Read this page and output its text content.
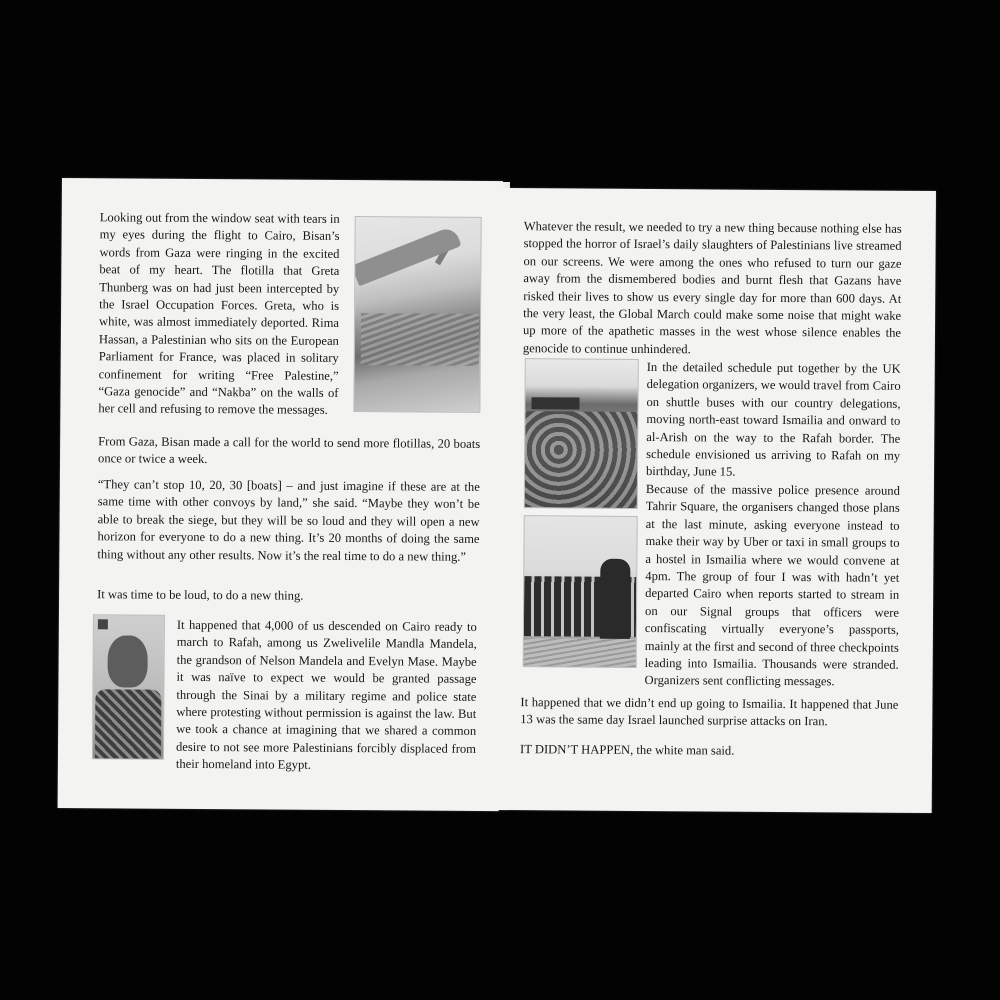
Looking out from the window seat with tears in my eyes during the flight to Cairo, Bisan’s words from Gaza were ringing in the excited beat of my heart. The flotilla that Greta Thunberg was on had just been intercepted by the Israel Occupation Forces. Greta, who is white, was almost immediately deported. Rima Hassan, a Palestinian who sits on the European Parliament for France, was placed in solitary confinement for writing “Free Palestine,” “Gaza genocide” and “Nakba” on the walls of her cell and refusing to remove the messages.

From Gaza, Bisan made a call for the world to send more flotillas, 20 boats once or twice a week.

“They can’t stop 10, 20, 30 [boats] – and just imagine if these are at the same time with other convoys by land,” she said. “Maybe they won’t be able to break the siege, but they will be so loud and they will open a new horizon for everyone to do a new thing. It’s 20 months of doing the same thing without any other results. Now it’s the real time to do a new thing.”

It was time to be loud, to do a new thing.

It happened that 4,000 of us descended on Cairo ready to march to Rafah, among us Zwelivelile Mandla Mandela, the grandson of Nelson Mandela and Evelyn Mase. Maybe it was naïve to expect we would be granted passage through the Sinai by a military regime and police state where protesting without permission is against the law. But we took a chance at imagining that we shared a common desire to not see more Palestinians forcibly displaced from their homeland into Egypt.

Whatever the result, we needed to try a new thing because nothing else has stopped the horror of Israel’s daily slaughters of Palestinians live streamed on our screens. We were among the ones who refused to turn our gaze away from the dismembered bodies and burnt flesh that Gazans have risked their lives to show us every single day for more than 600 days. At the very least, the Global March could make some noise that might wake up more of the apathetic masses in the west whose silence enables the genocide to continue unhindered.

In the detailed schedule put together by the UK delegation organizers, we would travel from Cairo on shuttle buses with our country delegations, moving north-east toward Ismailia and onward to al-Arish on the way to the Rafah border. The schedule envisioned us arriving to Rafah on my birthday, June 15.

Because of the massive police presence around Tahrir Square, the organisers changed those plans at the last minute, asking everyone instead to make their way by Uber or taxi in small groups to a hostel in Ismailia where we would convene at 4pm. The group of four I was with hadn’t yet departed Cairo when reports started to stream in on our Signal groups that officers were confiscating virtually everyone’s passports, mainly at the first and second of three checkpoints leading into Ismailia. Thousands were stranded. Organizers sent conflicting messages.

It happened that we didn’t end up going to Ismailia. It happened that June 13 was the same day Israel launched surprise attacks on Iran.

IT DIDN’T HAPPEN, the white man said.
